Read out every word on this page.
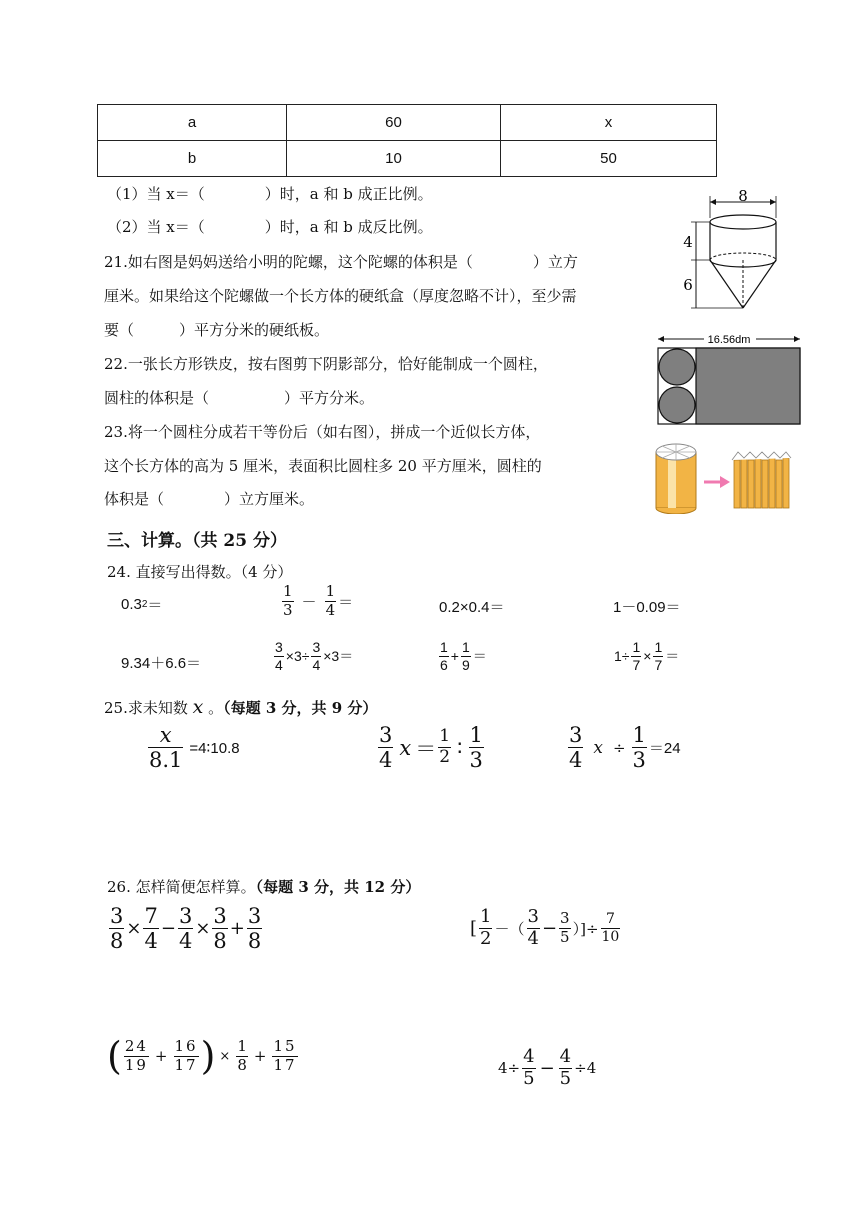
a	60	x
b	10	50
（1）当 x＝（　　　　）时，a 和 b 成正比例。
（2）当 x＝（　　　　）时，a 和 b 成反比例。
21.如右图是妈妈送给小明的陀螺，这个陀螺的体积是（　　　　）立方
厘米。如果给这个陀螺做一个长方体的硬纸盒（厚度忽略不计），至少需
要（　　　）平方分米的硬纸板。
8
4
6
22.一张长方形铁皮，按右图剪下阴影部分，恰好能制成一个圆柱，
圆柱的体积是（　　　　　）平方分米。
16.56dm
23.将一个圆柱分成若干等份后（如右图），拼成一个近似长方体，
这个长方体的高为 5 厘米，表面积比圆柱多 20 平方厘米，圆柱的
体积是（　　　　）立方厘米。
三、计算。（共 25 分）
24. 直接写出得数。（4 分）
0.3 2 ＝	$\frac{1}{3} - \frac{1}{4}$ ＝	0.2×0.4＝	1－0.09＝
9.34＋6.6＝	$\frac{3}{4} \times 3\div \frac{3}{4} \times 3=$	$\frac{1}{6} + \frac{1}{9}$ ＝	$1\div \frac{1}{7} \times \frac{1}{7}$ ＝
25.求未知数 x 。（每题 3 分，共 9 分）
$\frac{x}{8.1}$ =4∶10.8	$\frac{3}{4}$ $x = \frac{1}{2}$ ∶ $\frac{1}{3}$	$\frac{3}{4}$ $x \div \frac{1}{3} =24$
26. 怎样简便怎样算。（每题 3 分，共 12 分）
$\frac{3}{8} \times \frac{7}{4} - \frac{3}{4} \times \frac{3}{8} + \frac{3}{8}$	[ $\frac{1}{2}$ －（ $\frac{3}{4} - \frac{3}{5}$ ）]÷ $\frac{7}{10}$
( $\frac{24}{19} + \frac{16}{17}$ ) × $\frac{1}{8} + \frac{15}{17}$	$4\div \frac{4}{5} - \frac{4}{5} \div 4$
